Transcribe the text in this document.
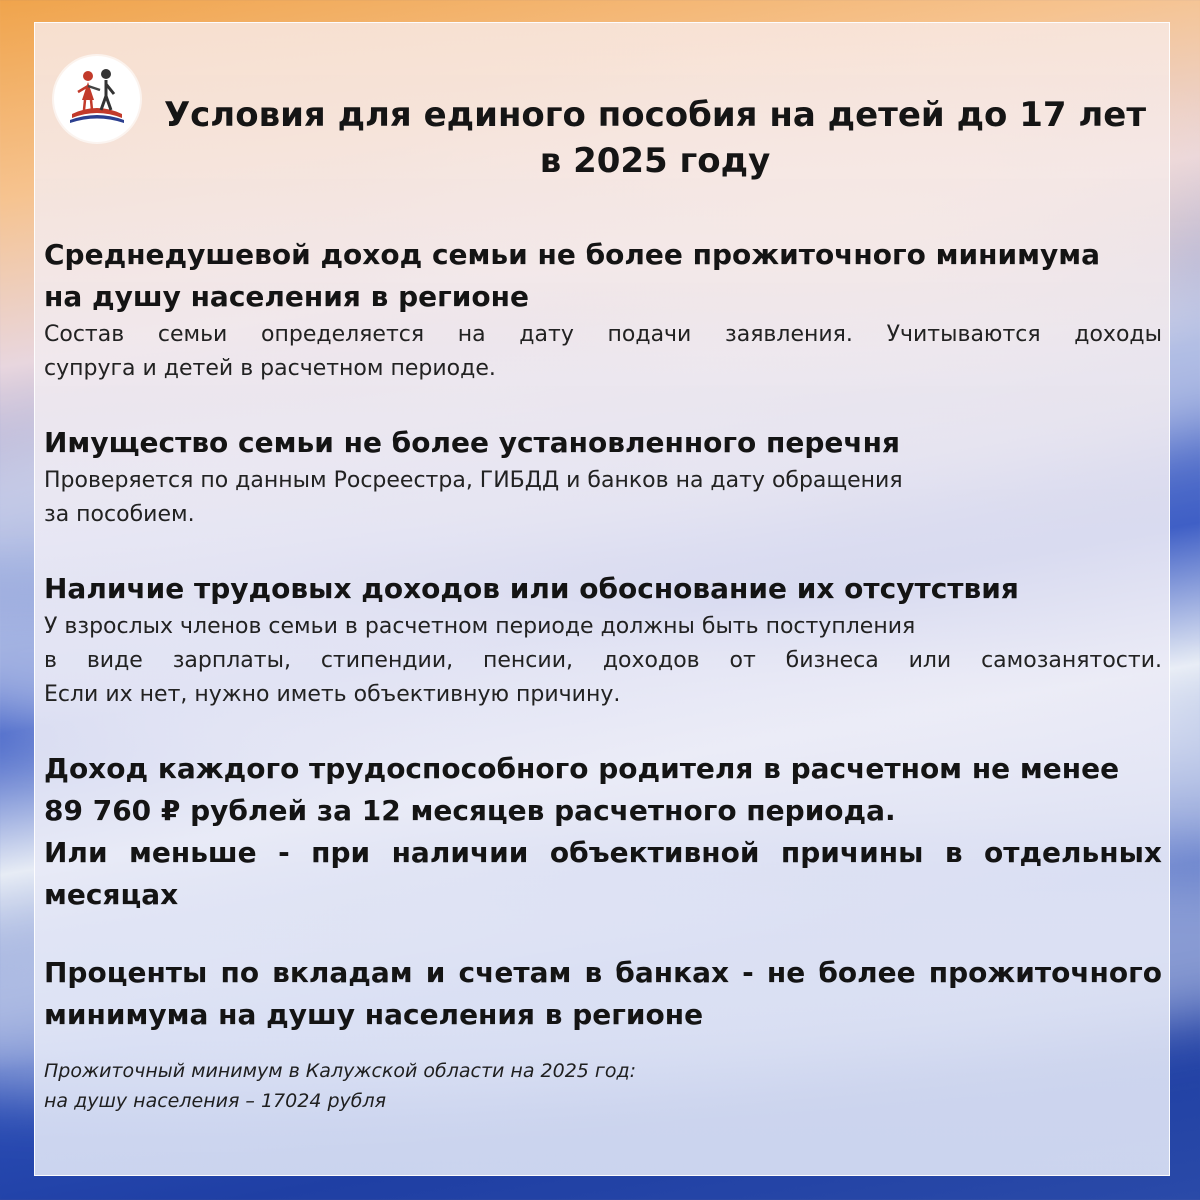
Условия для единого пособия на детей до 17 лет
в 2025 году
Среднедушевой доход семьи не более прожиточного минимума
на душу населения в регионе

Состав семьи определяется на дату подачи заявления. Учитываются доходы
супруга и детей в расчетном периоде.

Имущество семьи не более установленного перечня

Проверяется по данным Росреестра, ГИБДД и банков на дату обращения
за пособием.

Наличие трудовых доходов или обоснование их отсутствия

У взрослых членов семьи в расчетном периоде должны быть поступления
в виде зарплаты, стипендии, пенсии, доходов от бизнеса или самозанятости.
Если их нет, нужно иметь объективную причину.

Доход каждого трудоспособного родителя в расчетном не менее
89 760 ₽ рублей за 12 месяцев расчетного периода.
Или меньше - при наличии объективной причины в отдельных
месяцах
Проценты по вкладам и счетам в банках - не более прожиточного
минимума на душу населения в регионе
Прожиточный минимум в Калужской области на 2025 год:
на душу населения – 17024 рубля
